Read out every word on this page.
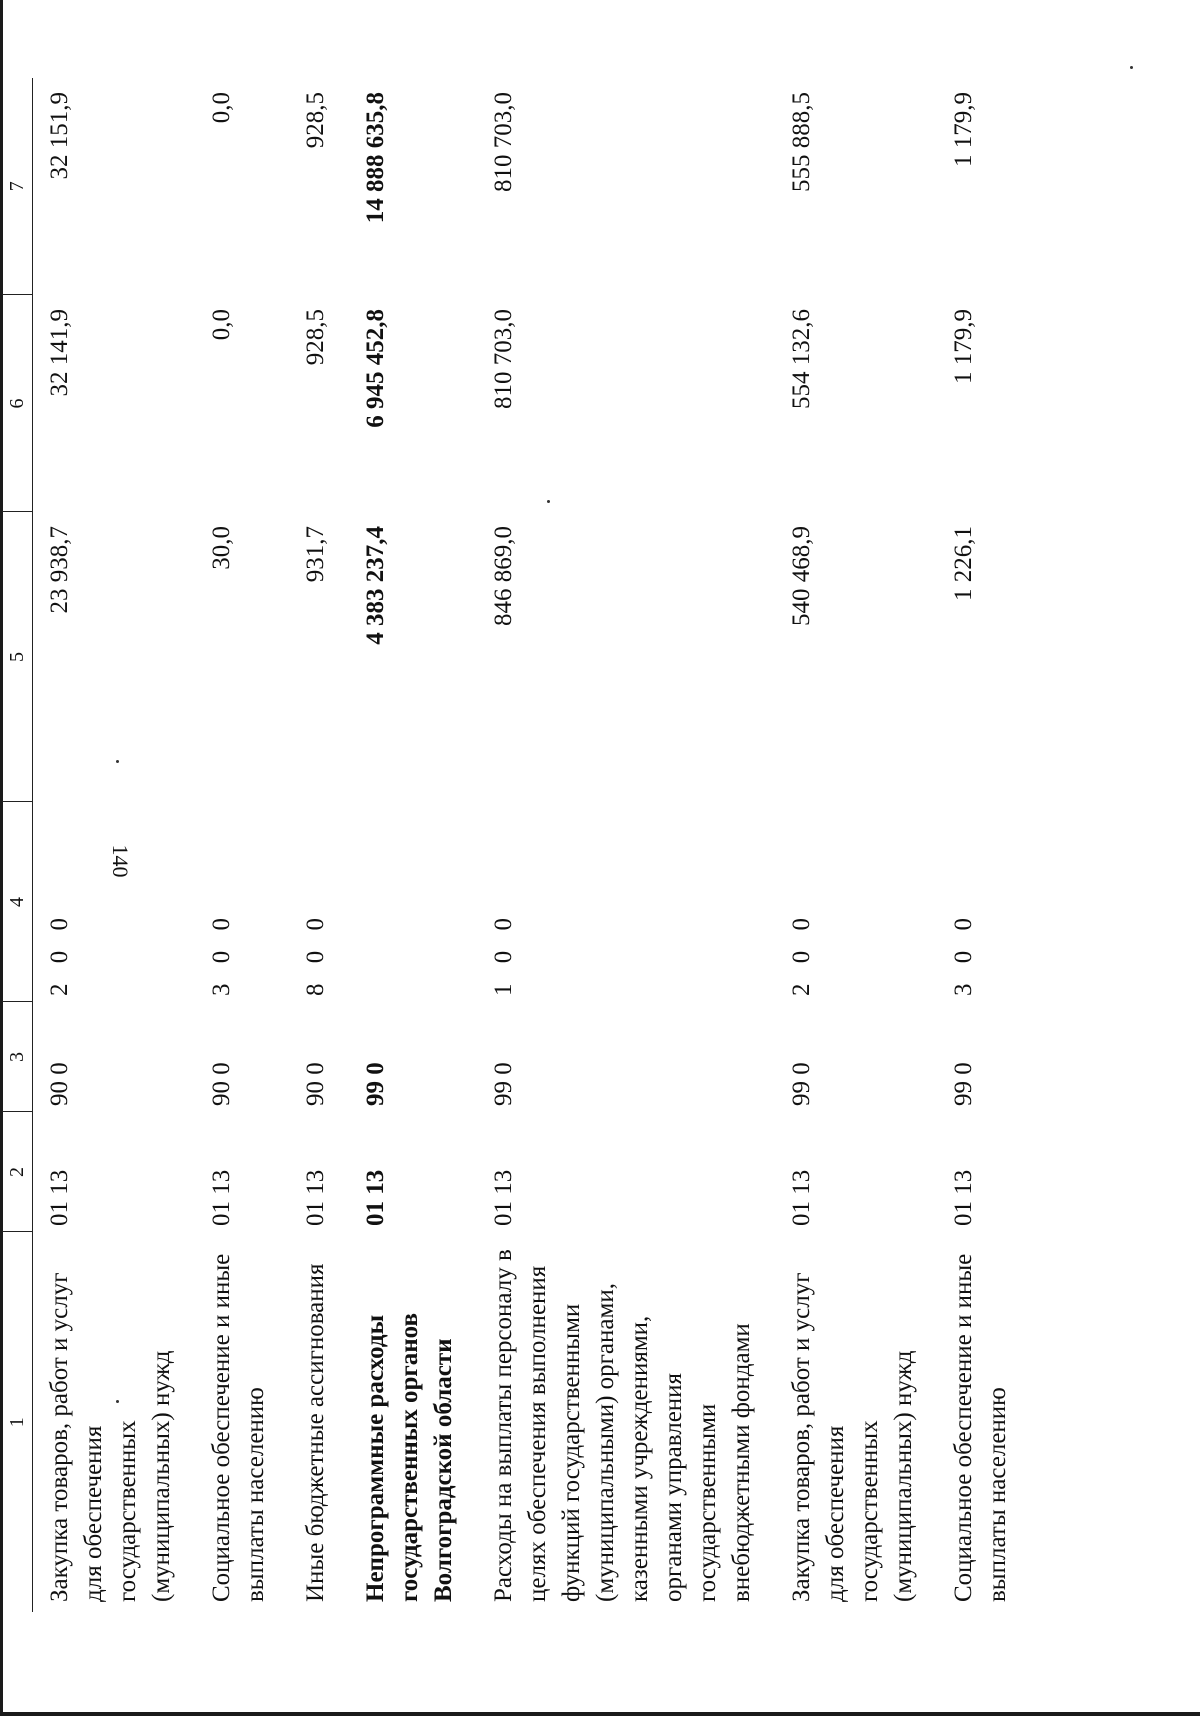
140
1	2	3	4	5	6	7
Закупка товаров, работ и услуг для обеспечения государственных (муниципальных) нужд	01 13	90 0	2 0 0	23 938,7	32 141,9	32 151,9
Социальное обеспечение и иные выплаты населению	01 13	90 0	3 0 0	30,0	0,0	0,0
Иные бюджетные ассигнования	01 13	90 0	8 0 0	931,7	928,5	928,5
Непрограммные расходы государственных органов Волгоградской области	01 13	99 0		4 383 237,4	6 945 452,8	14 888 635,8
Расходы на выплаты персоналу в целях обеспечения выполнения функций государственными (муниципальными) органами, казенными учреждениями, органами управления государственными внебюджетными фондами	01 13	99 0	1 0 0	846 869,0	810 703,0	810 703,0
Закупка товаров, работ и услуг для обеспечения государственных (муниципальных) нужд	01 13	99 0	2 0 0	540 468,9	554 132,6	555 888,5
Социальное обеспечение и иные выплаты населению	01 13	99 0	3 0 0	1 226,1	1 179,9	1 179,9
